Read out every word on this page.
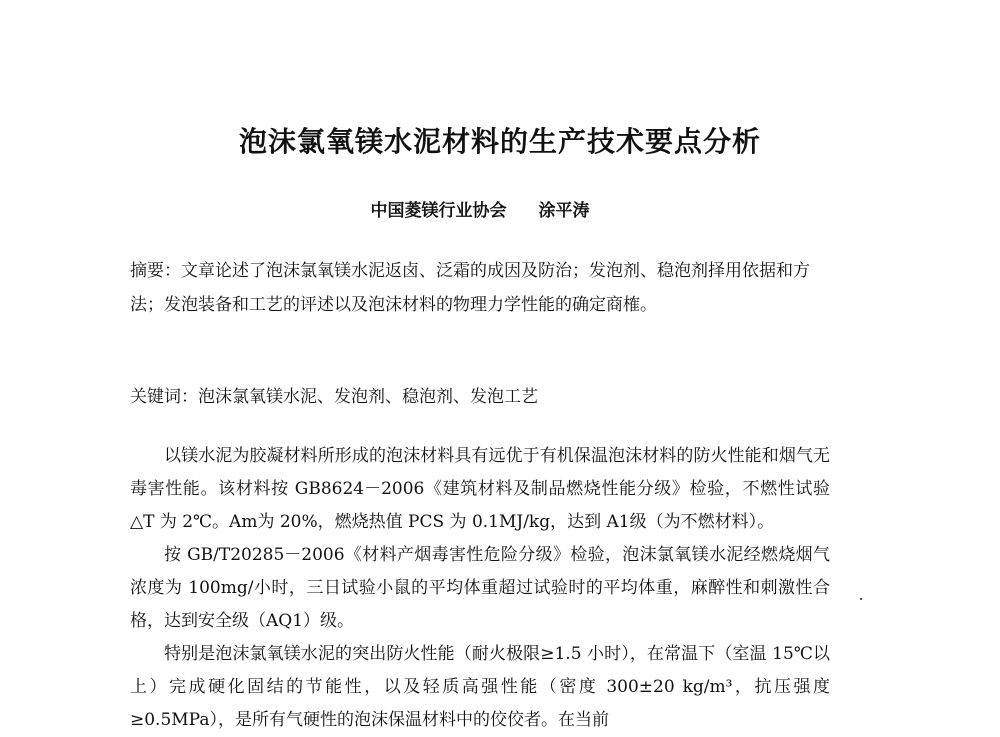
泡沫氯氧镁水泥材料的生产技术要点分析
中国菱镁行业协会 涂平涛
摘要：文章论述了泡沫氯氧镁水泥返卤、泛霜的成因及防治；发泡剂、稳泡剂择用依据和方法；发泡装备和工艺的评述以及泡沫材料的物理力学性能的确定商榷。
关键词：泡沫氯氧镁水泥、发泡剂、稳泡剂、发泡工艺

以镁水泥为胶凝材料所形成的泡沫材料具有远优于有机保温泡沫材料的防火性能和烟气无毒害性能。该材料按 GB8624－2006《建筑材料及制品燃烧性能分级》检验，不燃性试验△T 为 2℃。Am为 20%，燃烧热值 PCS 为 0.1MJ/kg，达到 A1级（为不燃材料）。

按 GB/T20285－2006《材料产烟毒害性危险分级》检验，泡沫氯氧镁水泥经燃烧烟气浓度为 100mg/小时，三日试验小鼠的平均体重超过试验时的平均体重，麻醉性和刺激性合格，达到安全级（AQ1）级。

特别是泡沫氯氧镁水泥的突出防火性能（耐火极限≥1.5 小时），在常温下（室温 15℃以上）完成硬化固结的节能性，以及轻质高强性能（密度 300±20 kg/m³，抗压强度≥0.5MPa），是所有气硬性的泡沫保温材料中的佼佼者。在当前
